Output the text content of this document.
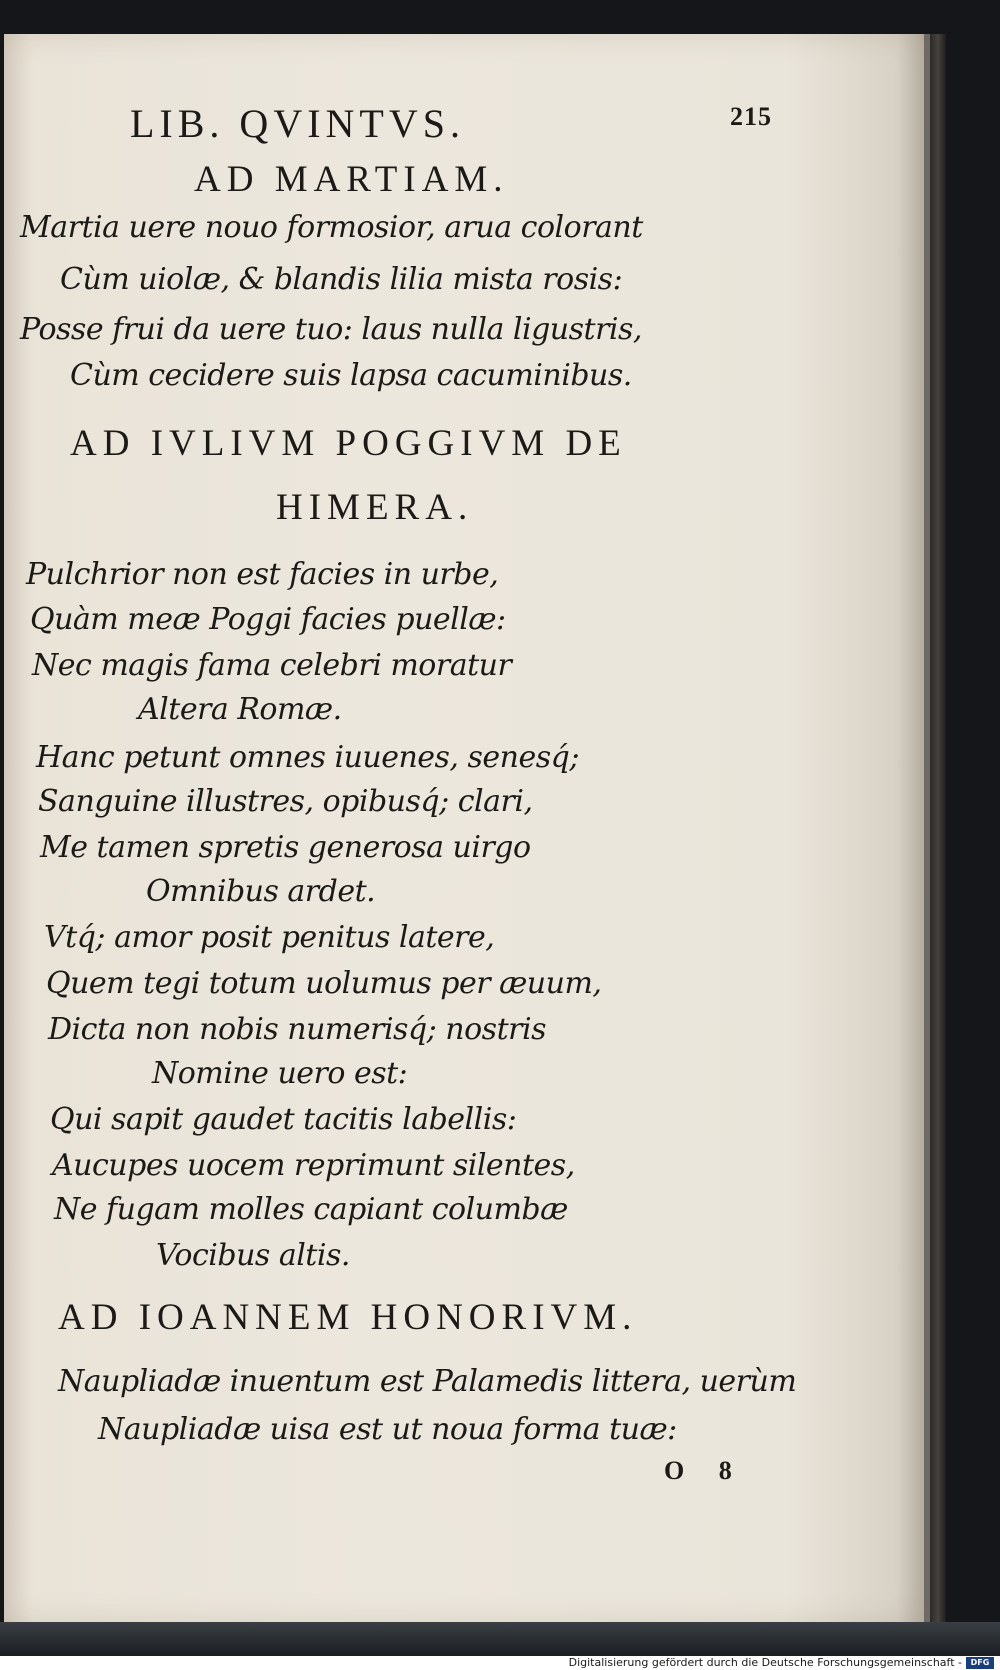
LIB. QVINTVS.	215
AD MARTIAM.
Martia uere nouo formosior, arua colorant
Cùm uiolæ, & blandis lilia mista rosis:
Posse frui da uere tuo: laus nulla ligustris,
Cùm cecidere suis lapsa cacuminibus.
AD IVLIVM POGGIVM DE
HIMERA.
Pulchrior non est facies in urbe,
Quàm meæ Poggi facies puellæ:
Nec magis fama celebri moratur
Altera Romæ.
Hanc petunt omnes iuuenes, senesq́;
Sanguine illustres, opibusq́; clari,
Me tamen spretis generosa uirgo
Omnibus ardet.
Vtq́; amor posit penitus latere,
Quem tegi totum uolumus per æuum,
Dicta non nobis numerisq́; nostris
Nomine uero est:
Qui sapit gaudet tacitis labellis:
Aucupes uocem reprimunt silentes,
Ne fugam molles capiant columbæ
Vocibus altis.
AD IOANNEM HONORIVM.
Naupliadæ inuentum est Palamedis littera, uerùm
Naupliadæ uisa est ut noua forma tuæ:
O 8
Digitalisierung gefördert durch die Deutsche Forschungsgemeinschaft -	DFG
